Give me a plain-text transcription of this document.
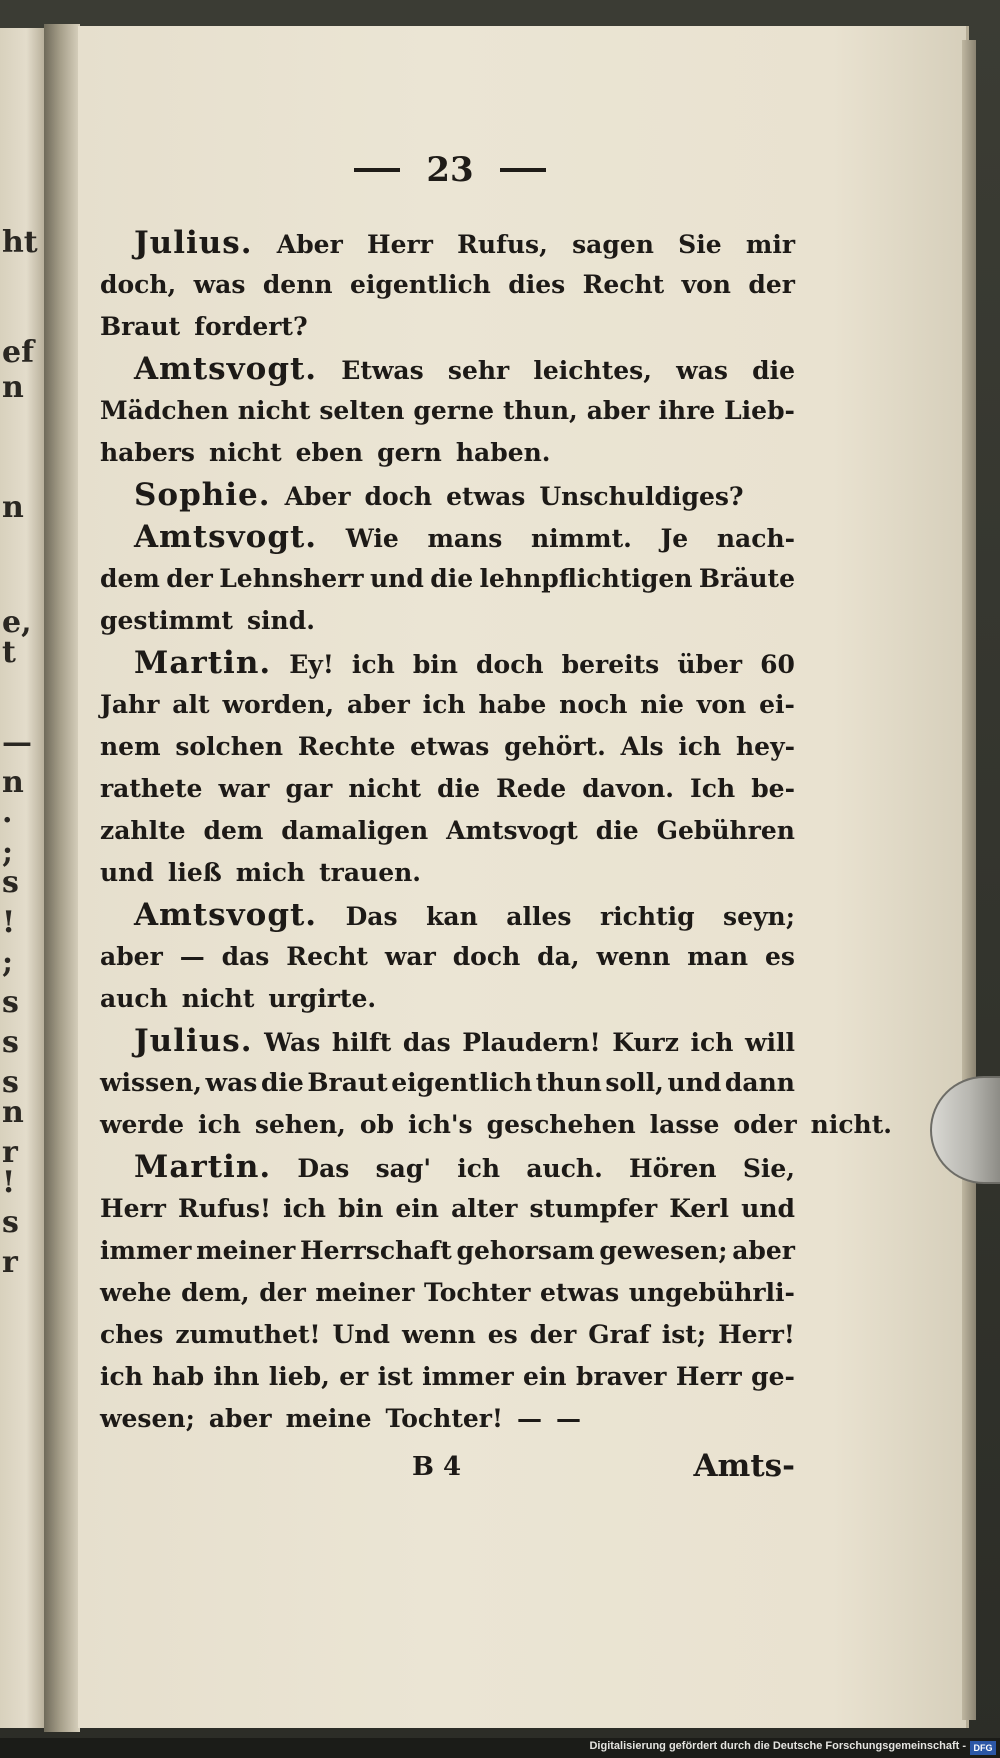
ht
ef
n
n
e,
t
—
n
.
;
s
!
;
s
s
s
n
r
!
s
r
23
Julius. Aber Herr Rufus, sagen Sie mir
doch, was denn eigentlich dies Recht von der
Braut fordert?
Amtsvogt. Etwas sehr leichtes, was die
Mädchen nicht selten gerne thun, aber ihre Lieb-
habers nicht eben gern haben.
Sophie. Aber doch etwas Unschuldiges?
Amtsvogt. Wie mans nimmt. Je nach-
dem der Lehnsherr und die lehnpflichtigen Bräute
gestimmt sind.
Martin. Ey! ich bin doch bereits über 60
Jahr alt worden, aber ich habe noch nie von ei-
nem solchen Rechte etwas gehört. Als ich hey-
rathete war gar nicht die Rede davon. Ich be-
zahlte dem damaligen Amtsvogt die Gebühren
und ließ mich trauen.
Amtsvogt. Das kan alles richtig seyn;
aber — das Recht war doch da, wenn man es
auch nicht urgirte.
Julius. Was hilft das Plaudern! Kurz ich will
wissen, was die Braut eigentlich thun soll, und dann
werde ich sehen, ob ich's geschehen lasse oder nicht.
Martin. Das sag' ich auch. Hören Sie,
Herr Rufus! ich bin ein alter stumpfer Kerl und
immer meiner Herrschaft gehorsam gewesen; aber
wehe dem, der meiner Tochter etwas ungebührli-
ches zumuthet! Und wenn es der Graf ist; Herr!
ich hab ihn lieb, er ist immer ein braver Herr ge-
wesen; aber meine Tochter! — —
B 4	Amts-
Digitalisierung gefördert durch die Deutsche Forschungsgemeinschaft - DFG
